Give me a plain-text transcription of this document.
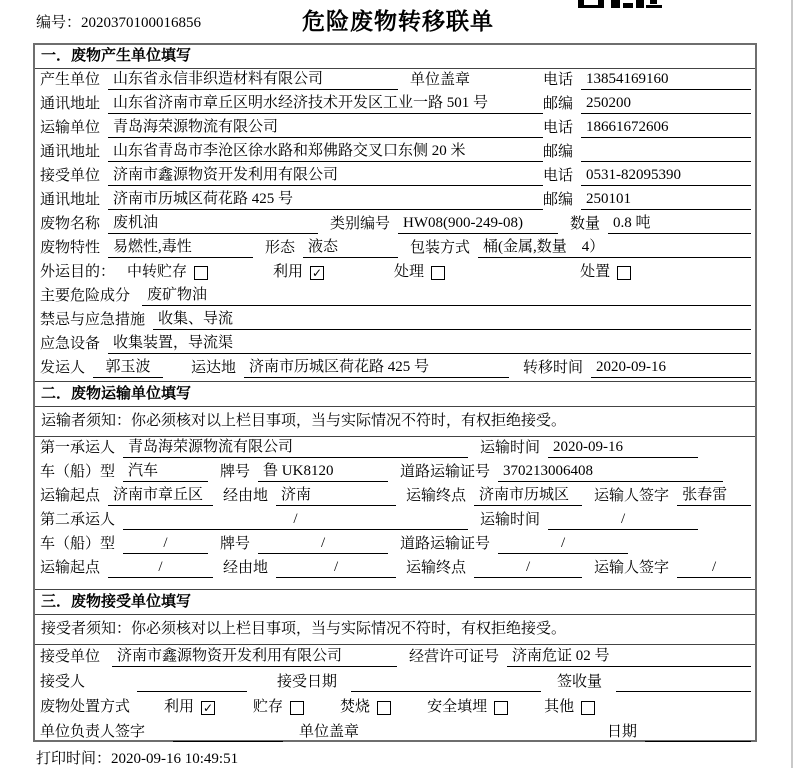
编号：2020370100016856	危险废物转移联单
一．废物产生单位填写
产生单位 山东省永信非织造材料有限公司	单位盖章	电话 13854169160
通讯地址 山东省济南市章丘区明水经济技术开发区工业一路 501 号	邮编 250200
运输单位 青岛海荣源物流有限公司	电话 18661672606
通讯地址 山东省青岛市李沧区徐水路和郑佛路交叉口东侧 20 米	邮编
接受单位 济南市鑫源物资开发利用有限公司	电话 0531-82095390
通讯地址 济南市历城区荷花路 425 号	邮编 250101
废物名称 废机油	类别编号 HW08(900-249-08)	数量 0.8 吨
废物特性 易燃性,毒性	形态 液态	包装方式 桶(金属,数量　4）
外运目的： 中转贮存	利用 ✓	处理	处置
主要危险成分	废矿物油
禁忌与应急措施 收集、导流
应急设备 收集装置，导流渠
发运人	郭玉波	运达地 济南市历城区荷花路 425 号	转移时间 2020-09-16
二．废物运输单位填写
运输者须知：你必须核对以上栏目事项，当与实际情况不符时，有权拒绝接受。
第一承运人 青岛海荣源物流有限公司	运输时间 2020-09-16
车（船）型 汽车	牌号 鲁 UK8120	道路运输证号 370213006408
运输起点 济南市章丘区	经由地 济南	运输终点 济南市历城区	运输人签字 张春雷
第二承运人	/	运输时间	/
车（船）型	/	牌号	/	道路运输证号	/
运输起点	/	经由地	/	运输终点	/	运输人签字	/
三．废物接受单位填写
接受者须知：你必须核对以上栏目事项，当与实际情况不符时，有权拒绝接受。
接受单位	济南市鑫源物资开发利用有限公司	经营许可证号 济南危证 02 号
接受人	接受日期	签收量
废物处置方式 利用 ✓	贮存	焚烧	安全填埋	其他
单位负责人签字	单位盖章	日期
打印时间：2020-09-16 10:49:51
